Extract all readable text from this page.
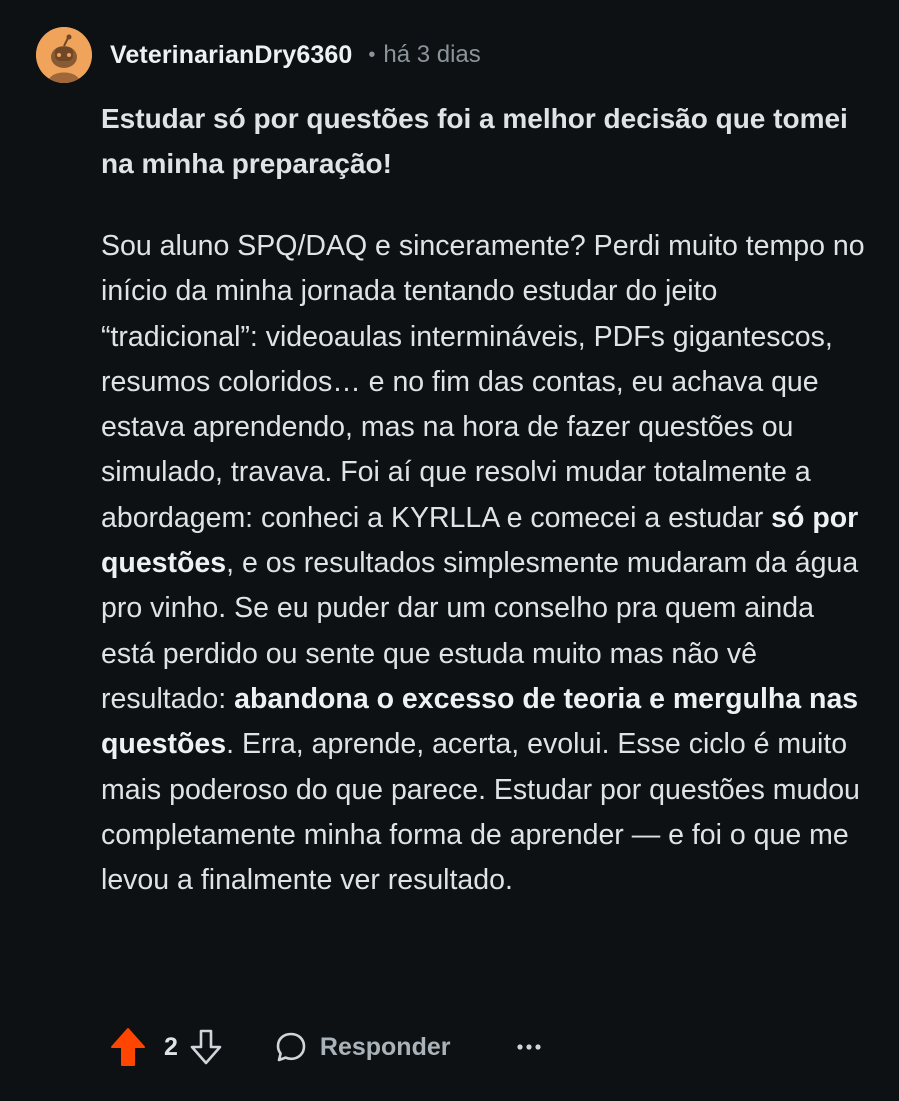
VeterinarianDry6360 • há 3 dias

Estudar só por questões foi a melhor decisão que tomei na minha preparação!

Sou aluno SPQ/DAQ e sinceramente? Perdi muito tempo no início da minha jornada tentando estudar do jeito “tradicional”: videoaulas intermináveis, PDFs gigantescos, resumos coloridos… e no fim das contas, eu achava que estava aprendendo, mas na hora de fazer questões ou simulado, travava. Foi aí que resolvi mudar totalmente a abordagem: conheci a KYRLLA e comecei a estudar só por questões, e os resultados simplesmente mudaram da água pro vinho. Se eu puder dar um conselho pra quem ainda está perdido ou sente que estuda muito mas não vê resultado: abandona o excesso de teoria e mergulha nas questões. Erra, aprende, acerta, evolui. Esse ciclo é muito mais poderoso do que parece. Estudar por questões mudou completamente minha forma de aprender — e foi o que me levou a finalmente ver resultado.

2	Responder
